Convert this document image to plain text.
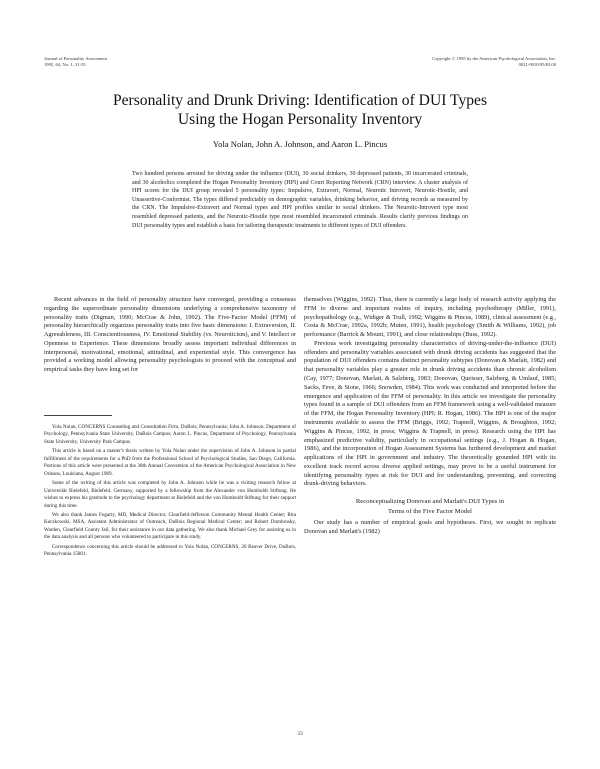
Journal of Personality Assessment
1995, 64, No. 1, 31-55
Copyright © 1995 by the American Psychological Association, Inc.
0021-9010/95/$3.00
Personality and Drunk Driving: Identification of DUI Types
Using the Hogan Personality Inventory
Yola Nolan, John A. Johnson, and Aaron L. Pincus
Two hundred persons arrested for driving under the influence (DUI), 30 social drinkers, 30 depressed patients, 30 incarcerated criminals, and 30 alcoholics completed the Hogan Personality Inventory (HPI) and Court Reporting Network (CRN) interview. A cluster analysis of HPI scores for the DUI group revealed 5 personality types: Impulsive, Extravert, Normal, Neurotic Introvert, Neurotic-Hostile, and Unassertive-Conformist. The types differed predictably on demographic variables, drinking behavior, and driving records as measured by the CRN. The Impulsive-Extravert and Normal types and HPI profiles similar to social drinkers. The Neurotic-Introvert type most resembled depressed patients, and the Neurotic-Hostile type most resembled incarcerated criminals. Results clarify previous findings on DUI personality types and establish a basis for tailoring therapeutic treatments to different types of DUI offenders.

Recent advances in the field of personality structure have converged, providing a consensus regarding the superordinate personality dimensions underlying a comprehensive taxonomy of personality traits (Digman, 1990; McCrae & John, 1992). The Five-Factor Model (FFM) of personality hierarchically organizes personality traits into five basic dimensions: I. Extraversion, II. Agreeableness, III. Conscientiousness, IV. Emotional Stability (vs. Neuroticism), and V. Intellect or Openness to Experience. These dimensions broadly assess important individual differences in interpersonal, motivational, emotional, attitudinal, and experiential style. This convergence has provided a working model allowing personality psychologists to proceed with the conceptual and empirical tasks they have long set for

Yola Nolan, CONCERNS Counseling and Consultation Firm, DuBois, Pennsylvania; John A. Johnson, Department of Psychology, Pennsylvania State University, DuBois Campus; Aaron L. Pincus, Department of Psychology, Pennsylvania State University, University Park Campus.

This article is based on a master's thesis written by Yola Nolan under the supervision of John A. Johnson in partial fulfillment of the requirements for a PhD from the Professional School of Psychological Studies, San Diego, California. Portions of this article were presented at the 38th Annual Convention of the American Psychological Association in New Orleans, Louisiana, August 1989.

Some of the writing of this article was completed by John A. Johnson while he was a visiting research fellow at Universität Bielefeld, Bielefeld, Germany, supported by a fellowship from the Alexander von Humboldt Stiftung. He wishes to express his gratitude to the psychology department at Bielefeld and the von Humboldt Stiftung for their support during this time.

We also thank James Fogarty, MD, Medical Director, Clearfield-Jefferson Community Mental Health Center; Rita Kaczkowski, MSA, Assistant Administrator of Outreach, DuBois Regional Medical Center; and Robert Dombrosky, Warden, Clearfield County Jail, for their assistance in our data gathering. We also thank Michael Grey for assisting us in the data analysis and all persons who volunteered to participate in this study.

Correspondence concerning this article should be addressed to Yola Nolan, CONCERNS, 20 Beaver Drive, DuBois, Pennsylvania 15801.

themselves (Wiggins, 1992). Thus, there is currently a large body of research activity applying the FFM to diverse and important realms of inquiry, including psychotherapy (Miller, 1991), psychopathology (e.g., Widiger & Trull, 1992; Wiggins & Pincus, 1989), clinical assessment (e.g., Costa & McCrae, 1992a, 1992b; Muten, 1991), health psychology (Smith & Williams, 1992), job performance (Barrick & Mount, 1991), and close relationships (Buss, 1992).

Previous work investigating personality characteristics of driving-under-the-influence (DUI) offenders and personality variables associated with drunk driving accidents has suggested that the population of DUI offenders contains distinct personality subtypes (Donovan & Marlatt, 1982) and that personality variables play a greater role in drunk driving accidents than chronic alcoholism (Cay, 1977; Donovan, Marlatt, & Salzberg, 1983; Donovan, Queisser, Salzberg, & Umlauf, 1985; Sacks, Feve, & Stone, 1966; Snowden, 1984). This work was conducted and interpreted before the emergence and application of the FFM of personality. In this article we investigate the personality types found in a sample of DUI offenders from an FFM framework using a well-validated measure of the FFM, the Hogan Personality Inventory (HPI; R. Hogan, 1986). The HPI is one of the major instruments available to assess the FFM (Briggs, 1992; Trapnell, Wiggins, & Broughton, 1992; Wiggins & Pincus, 1992, in press; Wiggins & Trapnell, in press). Research using the HPI has emphasized predictive validity, particularly in occupational settings (e.g., J. Hogan & Hogan, 1986), and the incorporation of Hogan Assessment Systems has furthered development and market applications of the HPI in government and industry. The theoretically grounded HPI with its excellent track record across diverse applied settings, may prove to be a useful instrument for identifying personality types at risk for DUI and for understanding, preventing, and correcting drunk-driving behaviors.

Reconceptualizing Donovan and Marlatt's DUI Types in
Terms of the Five Factor Model

Our study has a number of empirical goals and hypotheses. First, we sought to replicate Donovan and Marlatt's (1982)

33
